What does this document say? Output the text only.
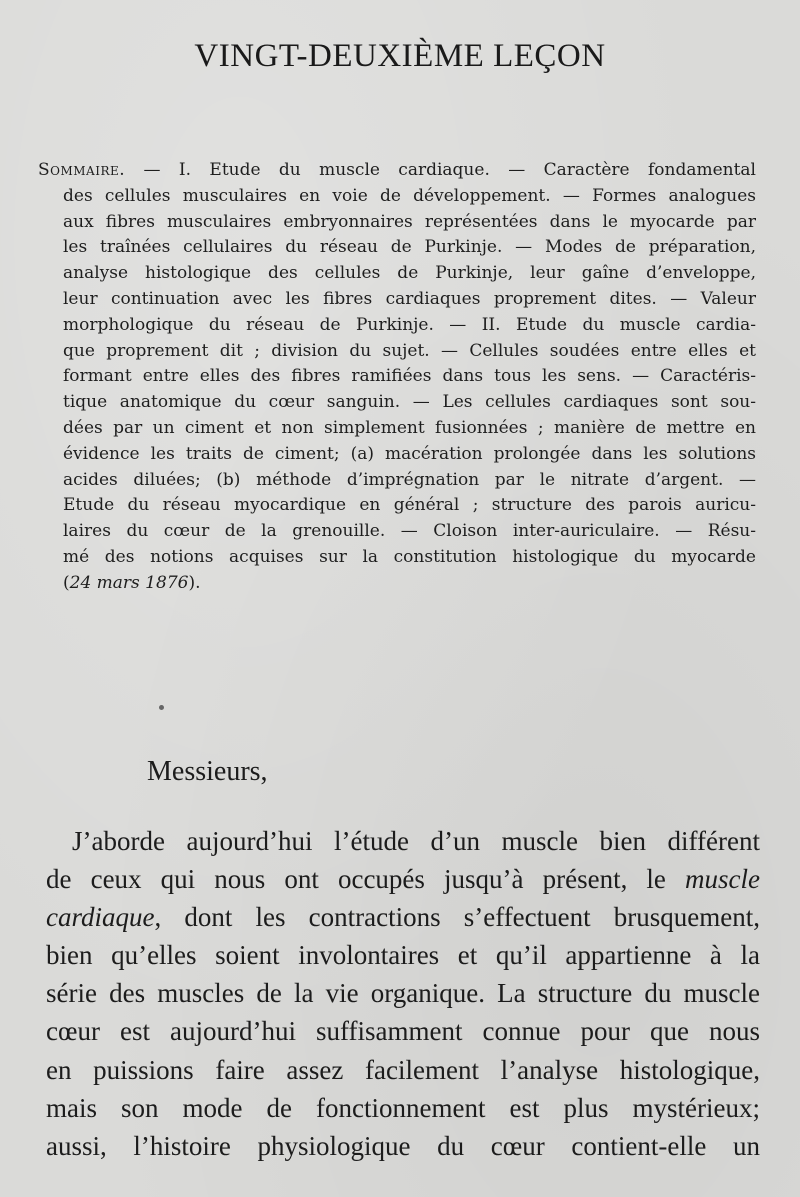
VINGT-DEUXIÈME LEÇON
Sommaire. — I. Etude du muscle cardiaque. — Caractère fondamental
des cellules musculaires en voie de développement. — Formes analogues
aux fibres musculaires embryonnaires représentées dans le myocarde par
les traînées cellulaires du réseau de Purkinje. — Modes de préparation,
analyse histologique des cellules de Purkinje, leur gaîne d’enveloppe,
leur continuation avec les fibres cardiaques proprement dites. — Valeur
morphologique du réseau de Purkinje. — II. Etude du muscle cardia-
que proprement dit ; division du sujet. — Cellules soudées entre elles et
formant entre elles des fibres ramifiées dans tous les sens. — Caractéris-
tique anatomique du cœur sanguin. — Les cellules cardiaques sont sou-
dées par un ciment et non simplement fusionnées ; manière de mettre en
évidence les traits de ciment; (a) macération prolongée dans les solutions
acides diluées; (b) méthode d’imprégnation par le nitrate d’argent. —
Etude du réseau myocardique en général ; structure des parois auricu-
laires du cœur de la grenouille. — Cloison inter-auriculaire. — Résu-
mé des notions acquises sur la constitution histologique du myocarde
(24 mars 1876).
Messieurs,
J’aborde aujourd’hui l’étude d’un muscle bien différent
de ceux qui nous ont occupés jusqu’à présent, le muscle
cardiaque, dont les contractions s’effectuent brusquement,
bien qu’elles soient involontaires et qu’il appartienne à la
série des muscles de la vie organique. La structure du muscle
cœur est aujourd’hui suffisamment connue pour que nous
en puissions faire assez facilement l’analyse histologique,
mais son mode de fonctionnement est plus mystérieux;
aussi, l’histoire physiologique du cœur contient-elle un
